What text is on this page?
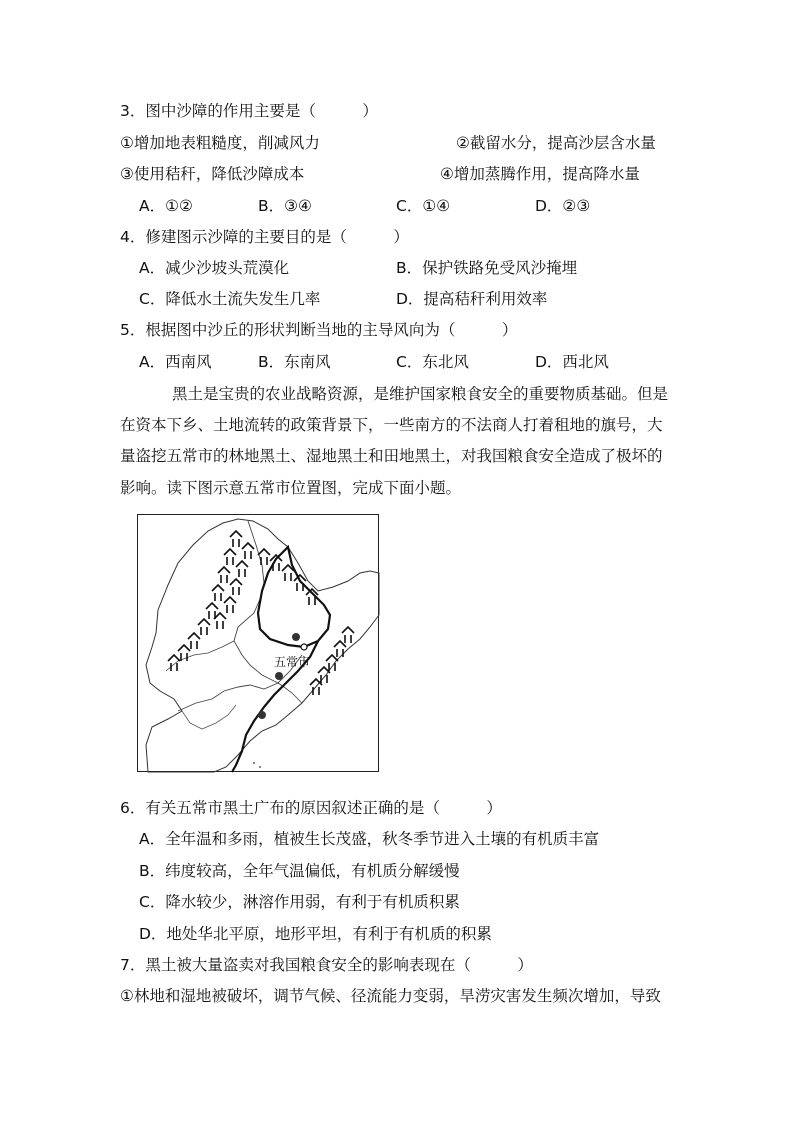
3．图中沙障的作用主要是（　　　）
①增加地表粗糙度，削减风力	②截留水分，提高沙层含水量
③使用秸秆，降低沙障成本	④增加蒸腾作用，提高降水量
A．①②	B．③④	C．①④	D．②③
4．修建图示沙障的主要目的是（　　　）
A．减少沙坡头荒漠化	B．保护铁路免受风沙掩埋
C．降低水土流失发生几率	D．提高秸秆利用效率
5．根据图中沙丘的形状判断当地的主导风向为（　　　）
A．西南风	B．东南风	C．东北风	D．西北风
黑土是宝贵的农业战略资源，是维护国家粮食安全的重要物质基础。但是
在资本下乡、土地流转的政策背景下，一些南方的不法商人打着租地的旗号，大
量盗挖五常市的林地黑土、湿地黑土和田地黑土，对我国粮食安全造成了极坏的
影响。读下图示意五常市位置图，完成下面小题。
五常市
6．有关五常市黑土广布的原因叙述正确的是（　　　）
A．全年温和多雨，植被生长茂盛，秋冬季节进入土壤的有机质丰富
B．纬度较高，全年气温偏低，有机质分解缓慢
C．降水较少，淋溶作用弱，有利于有机质积累
D．地处华北平原，地形平坦，有利于有机质的积累
7．黑土被大量盗卖对我国粮食安全的影响表现在（　　　）
①林地和湿地被破坏，调节气候、径流能力变弱，旱涝灾害发生频次增加，导致
